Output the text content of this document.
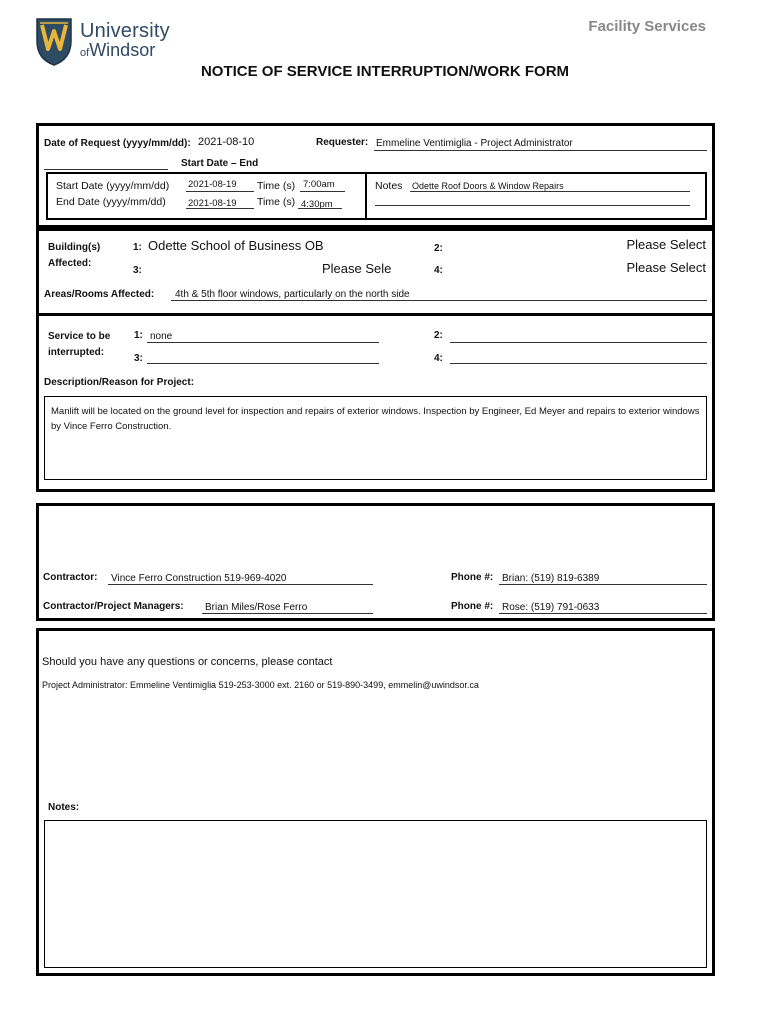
University
ofWindsor
Facility Services
NOTICE OF SERVICE INTERRUPTION/WORK FORM
Date of Request (yyyy/mm/dd): 2021-08-10	Requester: Emmeline Ventimiglia - Project Administrator
Start Date – End
Start Date (yyyy/mm/dd) 2021-08-19 Time (s) 7:00am
End Date (yyyy/mm/dd) 2021-08-19 Time (s) 4:30pm
Notes Odette Roof Doors & Window Repairs
Building(s)
Affected:
1: Odette School of Business OB	2:	Please Select
3:	Please Sele	4:	Please Select
Areas/Rooms Affected: 4th & 5th floor windows, particularly on the north side
Service to be
interrupted:
1: none	2:
3:	4:
Description/Reason for Project:
Manlift will be located on the ground level for inspection and repairs of exterior windows. Inspection by Engineer, Ed Meyer and repairs to exterior windows by Vince Ferro Construction.
Contractor: Vince Ferro Construction 519-969-4020	Phone #: Brian: (519) 819-6389
Contractor/Project Managers: Brian Miles/Rose Ferro	Phone #: Rose: (519) 791-0633
Should you have any questions or concerns, please contact
Project Administrator: Emmeline Ventimiglia 519-253-3000 ext. 2160 or 519-890-3499, emmelin@uwindsor.ca
Notes:
